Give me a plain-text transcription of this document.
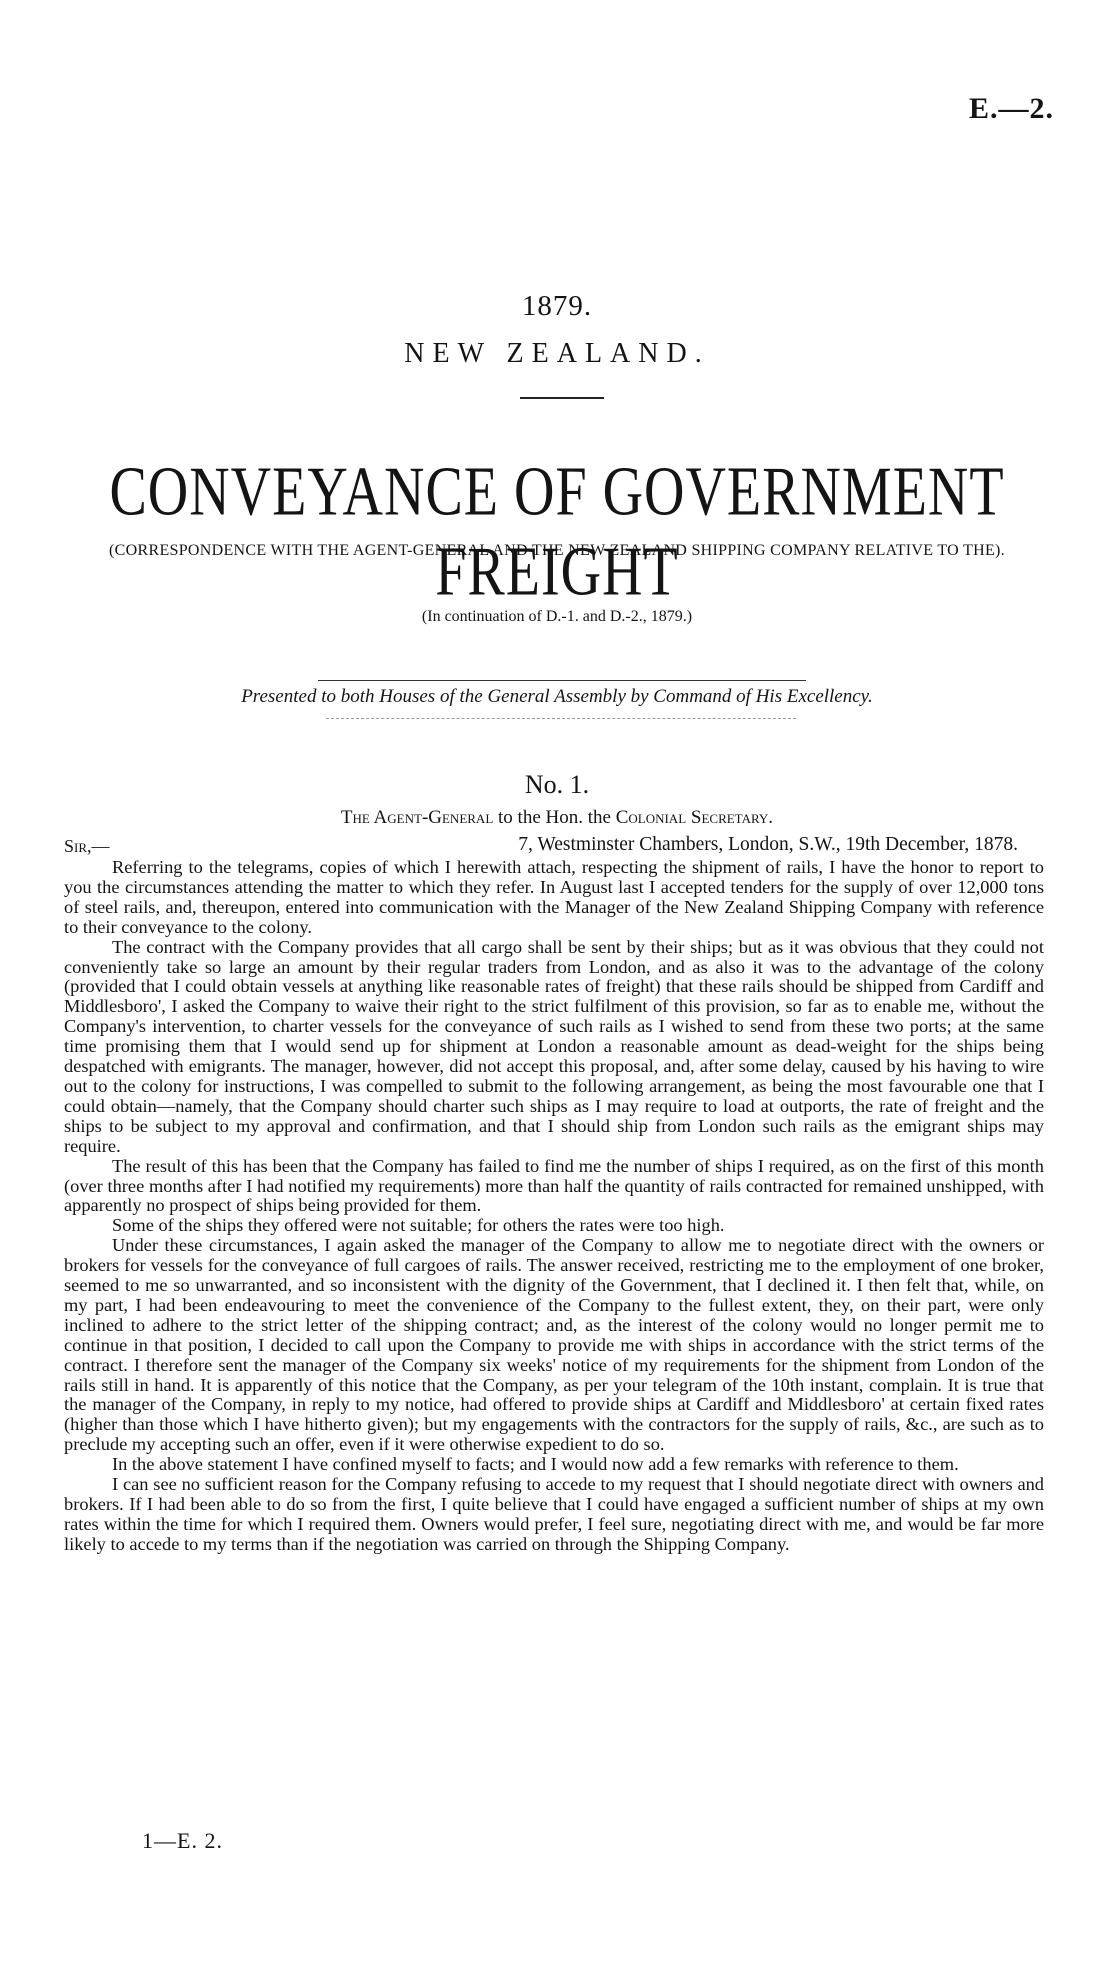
E.—2.
1879.
NEW ZEALAND.
CONVEYANCE OF GOVERNMENT FREIGHT
(CORRESPONDENCE WITH THE AGENT-GENERAL AND THE NEW ZEALAND SHIPPING COMPANY RELATIVE TO THE).
(In continuation of D.-1. and D.-2., 1879.)
Presented to both Houses of the General Assembly by Command of His Excellency.
No. 1.
The Agent-General to the Hon. the Colonial Secretary.
Sir,—	7, Westminster Chambers, London, S.W., 19th December, 1878.

Referring to the telegrams, copies of which I herewith attach, respecting the shipment of rails, I have the honor to report to you the circumstances attending the matter to which they refer. In August last I accepted tenders for the supply of over 12,000 tons of steel rails, and, thereupon, entered into communication with the Manager of the New Zealand Shipping Company with reference to their conveyance to the colony.

The contract with the Company provides that all cargo shall be sent by their ships; but as it was obvious that they could not conveniently take so large an amount by their regular traders from London, and as also it was to the advantage of the colony (provided that I could obtain vessels at anything like reasonable rates of freight) that these rails should be shipped from Cardiff and Middlesboro', I asked the Company to waive their right to the strict fulfilment of this provision, so far as to enable me, without the Company's intervention, to charter vessels for the conveyance of such rails as I wished to send from these two ports; at the same time promising them that I would send up for shipment at London a reasonable amount as dead-weight for the ships being despatched with emigrants. The manager, however, did not accept this proposal, and, after some delay, caused by his having to wire out to the colony for instructions, I was compelled to submit to the following arrangement, as being the most favourable one that I could obtain—namely, that the Company should charter such ships as I may require to load at outports, the rate of freight and the ships to be subject to my approval and confirmation, and that I should ship from London such rails as the emigrant ships may require.

The result of this has been that the Company has failed to find me the number of ships I required, as on the first of this month (over three months after I had notified my requirements) more than half the quantity of rails contracted for remained unshipped, with apparently no prospect of ships being provided for them.

Some of the ships they offered were not suitable; for others the rates were too high.

Under these circumstances, I again asked the manager of the Company to allow me to negotiate direct with the owners or brokers for vessels for the conveyance of full cargoes of rails. The answer received, restricting me to the employment of one broker, seemed to me so unwarranted, and so inconsistent with the dignity of the Government, that I declined it. I then felt that, while, on my part, I had been endeavouring to meet the convenience of the Company to the fullest extent, they, on their part, were only inclined to adhere to the strict letter of the shipping contract; and, as the interest of the colony would no longer permit me to continue in that position, I decided to call upon the Company to provide me with ships in accordance with the strict terms of the contract. I therefore sent the manager of the Company six weeks' notice of my requirements for the shipment from London of the rails still in hand. It is apparently of this notice that the Company, as per your telegram of the 10th instant, complain. It is true that the manager of the Company, in reply to my notice, had offered to provide ships at Cardiff and Middlesboro' at certain fixed rates (higher than those which I have hitherto given); but my engagements with the contractors for the supply of rails, &c., are such as to preclude my accepting such an offer, even if it were otherwise expedient to do so.

In the above statement I have confined myself to facts; and I would now add a few remarks with reference to them.

I can see no sufficient reason for the Company refusing to accede to my request that I should negotiate direct with owners and brokers. If I had been able to do so from the first, I quite believe that I could have engaged a sufficient number of ships at my own rates within the time for which I required them. Owners would prefer, I feel sure, negotiating direct with me, and would be far more likely to accede to my terms than if the negotiation was carried on through the Shipping Company.

1—E. 2.
